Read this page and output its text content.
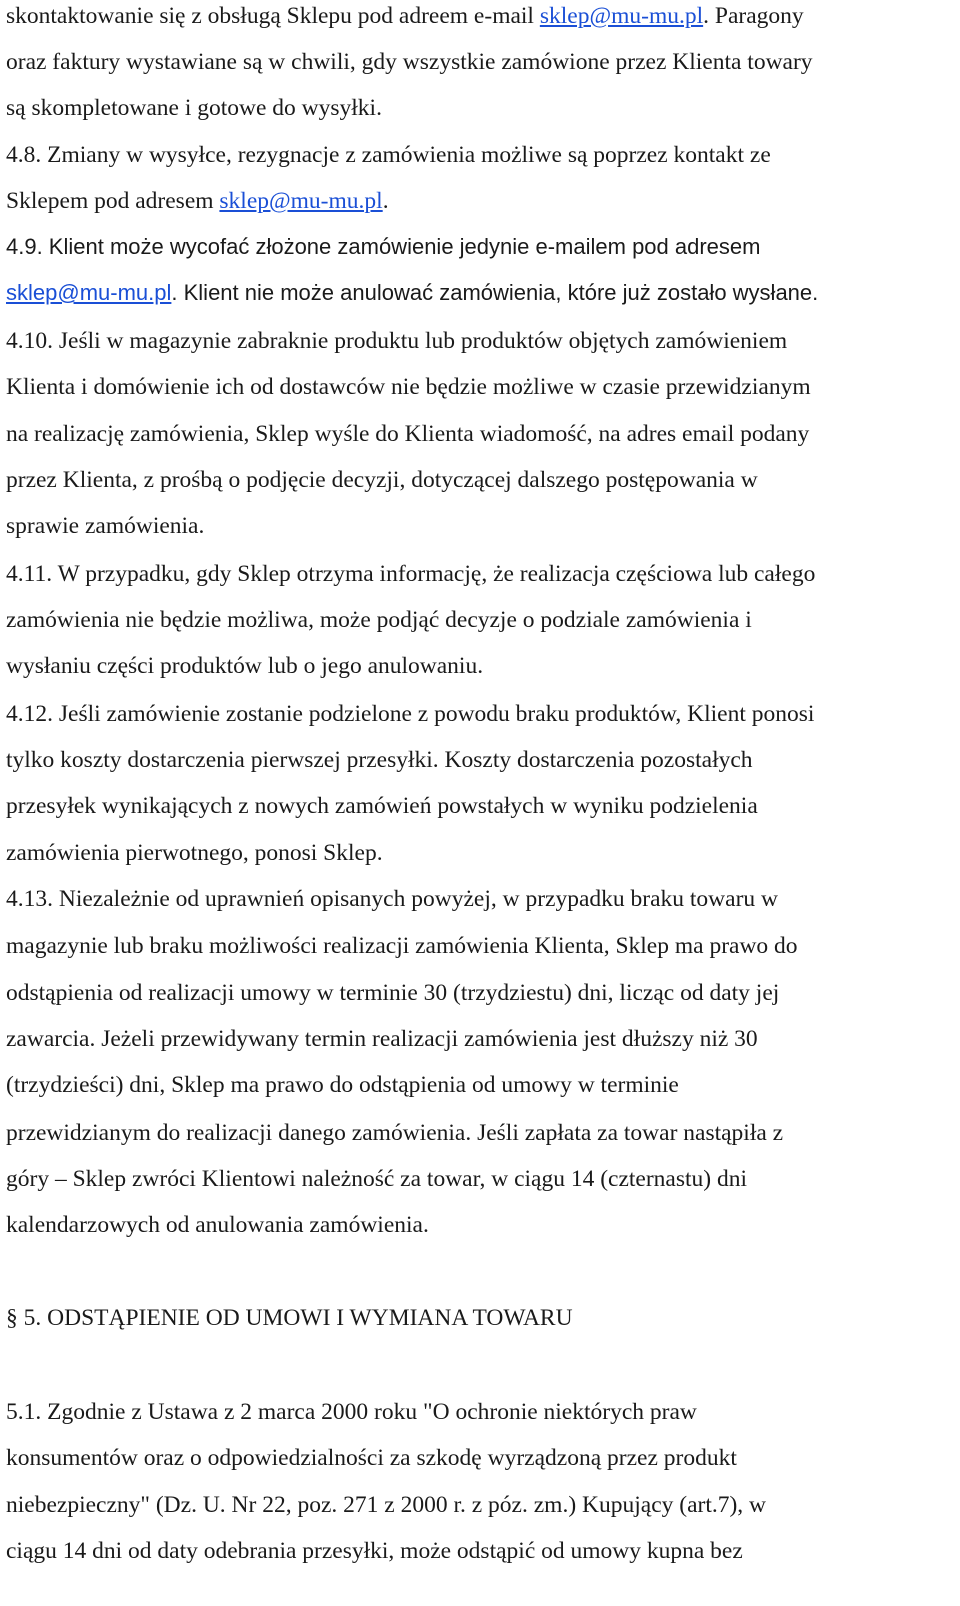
skontaktowanie się z obsługą Sklepu pod adreem e-mail sklep@mu-mu.pl. Paragony
oraz faktury wystawiane są w chwili, gdy wszystkie zamówione przez Klienta towary
są skompletowane i gotowe do wysyłki.
4.8. Zmiany w wysyłce, rezygnacje z zamówienia możliwe są poprzez kontakt ze
Sklepem pod adresem sklep@mu-mu.pl.
4.9. Klient może wycofać złożone zamówienie jedynie e-mailem pod adresem
sklep@mu-mu.pl. Klient nie może anulować zamówienia, które już zostało wysłane.
4.10. Jeśli w magazynie zabraknie produktu lub produktów objętych zamówieniem
Klienta i domówienie ich od dostawców nie będzie możliwe w czasie przewidzianym
na realizację zamówienia, Sklep wyśle do Klienta wiadomość, na adres email podany
przez Klienta, z prośbą o podjęcie decyzji, dotyczącej dalszego postępowania w
sprawie zamówienia.
4.11. W przypadku, gdy Sklep otrzyma informację, że realizacja częściowa lub całego
zamówienia nie będzie możliwa, może podjąć decyzje o podziale zamówienia i
wysłaniu części produktów lub o jego anulowaniu.
4.12. Jeśli zamówienie zostanie podzielone z powodu braku produktów, Klient ponosi
tylko koszty dostarczenia pierwszej przesyłki. Koszty dostarczenia pozostałych
przesyłek wynikających z nowych zamówień powstałych w wyniku podzielenia
zamówienia pierwotnego, ponosi Sklep.
4.13. Niezależnie od uprawnień opisanych powyżej, w przypadku braku towaru w
magazynie lub braku możliwości realizacji zamówienia Klienta, Sklep ma prawo do
odstąpienia od realizacji umowy w terminie 30 (trzydziestu) dni, licząc od daty jej
zawarcia. Jeżeli przewidywany termin realizacji zamówienia jest dłuższy niż 30
(trzydzieści) dni, Sklep ma prawo do odstąpienia od umowy w terminie
przewidzianym do realizacji danego zamówienia. Jeśli zapłata za towar nastąpiła z
góry – Sklep zwróci Klientowi należność za towar, w ciągu 14 (czternastu) dni
kalendarzowych od anulowania zamówienia.
§ 5. ODSTĄPIENIE OD UMOWI I WYMIANA TOWARU
5.1. Zgodnie z Ustawa z 2 marca 2000 roku "O ochronie niektórych praw
konsumentów oraz o odpowiedzialności za szkodę wyrządzoną przez produkt
niebezpieczny" (Dz. U. Nr 22, poz. 271 z 2000 r. z póz. zm.) Kupujący (art.7), w
ciągu 14 dni od daty odebrania przesyłki, może odstąpić od umowy kupna bez
